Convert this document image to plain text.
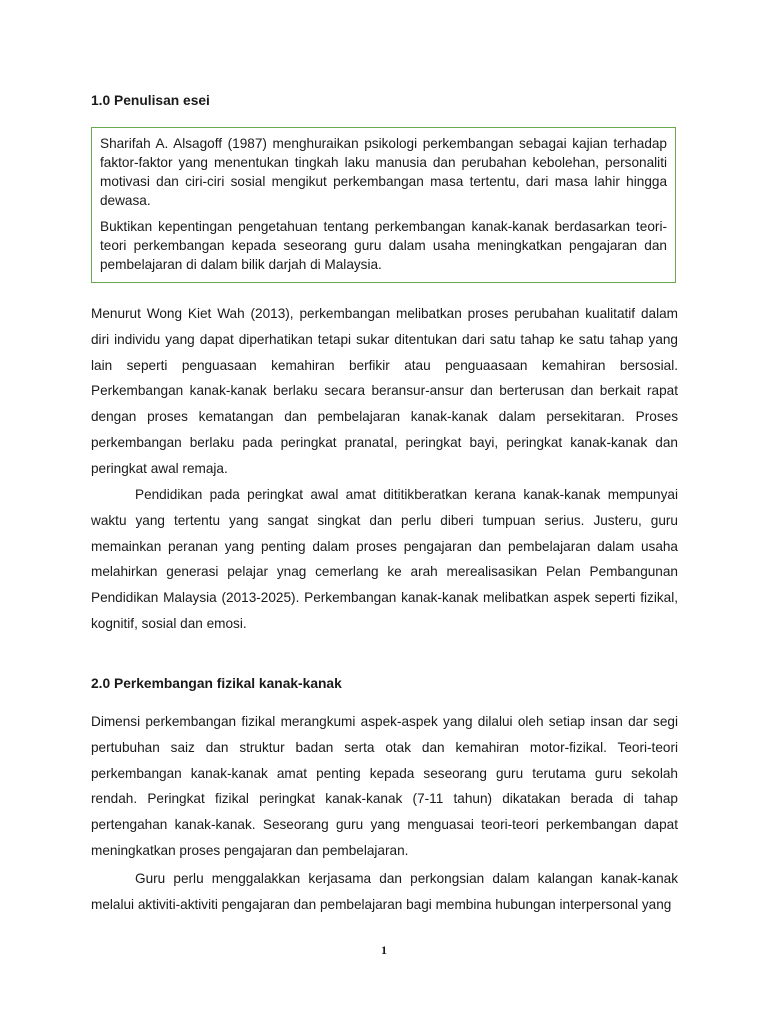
1.0 Penulisan esei

Sharifah A. Alsagoff (1987) menghuraikan psikologi perkembangan sebagai kajian terhadap faktor-faktor yang menentukan tingkah laku manusia dan perubahan kebolehan, personaliti motivasi dan ciri-ciri sosial mengikut perkembangan masa tertentu, dari masa lahir hingga dewasa.

Buktikan kepentingan pengetahuan tentang perkembangan kanak-kanak berdasarkan teori-teori perkembangan kepada seseorang guru dalam usaha meningkatkan pengajaran dan pembelajaran di dalam bilik darjah di Malaysia.

Menurut Wong Kiet Wah (2013), perkembangan melibatkan proses perubahan kualitatif dalam diri individu yang dapat diperhatikan tetapi sukar ditentukan dari satu tahap ke satu tahap yang lain seperti penguasaan kemahiran berfikir atau penguaasaan kemahiran bersosial. Perkembangan kanak-kanak berlaku secara beransur-ansur dan berterusan dan berkait rapat dengan proses kematangan dan pembelajaran kanak-kanak dalam persekitaran. Proses perkembangan berlaku pada peringkat pranatal, peringkat bayi, peringkat kanak-kanak dan peringkat awal remaja.

Pendidikan pada peringkat awal amat dititikberatkan kerana kanak-kanak mempunyai waktu yang tertentu yang sangat singkat dan perlu diberi tumpuan serius. Justeru, guru memainkan peranan yang penting dalam proses pengajaran dan pembelajaran dalam usaha melahirkan generasi pelajar ynag cemerlang ke arah merealisasikan Pelan Pembangunan Pendidikan Malaysia (2013-2025). Perkembangan kanak-kanak melibatkan aspek seperti fizikal, kognitif, sosial dan emosi.

2.0 Perkembangan fizikal kanak-kanak

Dimensi perkembangan fizikal merangkumi aspek-aspek yang dilalui oleh setiap insan dar segi pertubuhan saiz dan struktur badan serta otak dan kemahiran motor-fizikal. Teori-teori perkembangan kanak-kanak amat penting kepada seseorang guru terutama guru sekolah rendah. Peringkat fizikal peringkat kanak-kanak (7-11 tahun) dikatakan berada di tahap pertengahan kanak-kanak. Seseorang guru yang menguasai teori-teori perkembangan dapat meningkatkan proses pengajaran dan pembelajaran.

Guru perlu menggalakkan kerjasama dan perkongsian dalam kalangan kanak-kanak melalui aktiviti-aktiviti pengajaran dan pembelajaran bagi membina hubungan interpersonal yang

1
